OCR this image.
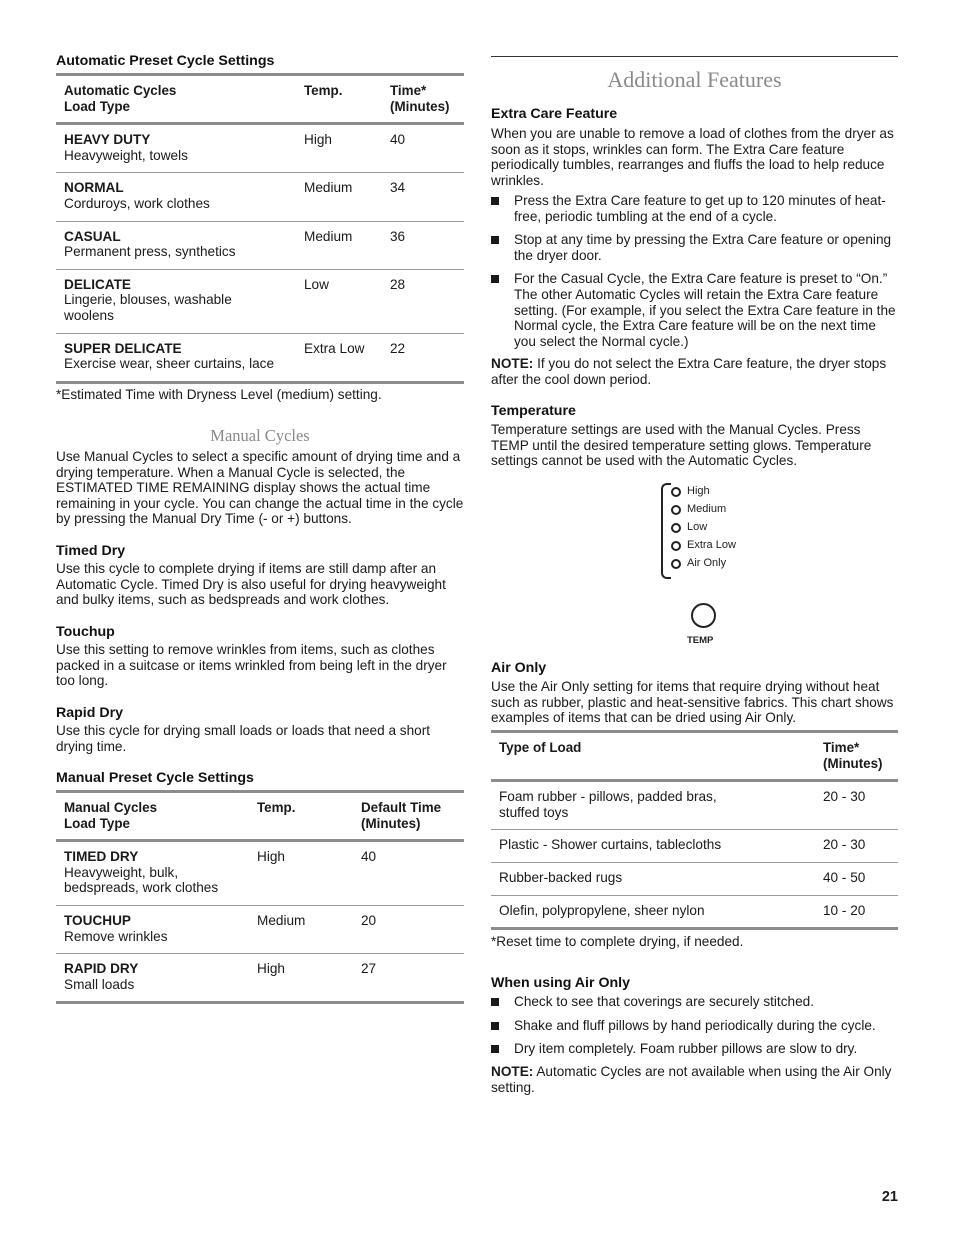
Automatic Preset Cycle Settings
Automatic Cycles
Load Type	Temp.	Time*
(Minutes)

HEAVY DUTY
Heavyweight, towels	High	40

NORMAL
Corduroys, work clothes	Medium	34

CASUAL
Permanent press, synthetics	Medium	36

DELICATE
Lingerie, blouses, washable woolens	Low	28

SUPER DELICATE
Exercise wear, sheer curtains, lace	Extra Low	22

*Estimated Time with Dryness Level (medium) setting.

Manual Cycles

Use Manual Cycles to select a specific amount of drying time and a drying temperature. When a Manual Cycle is selected, the ESTIMATED TIME REMAINING display shows the actual time remaining in your cycle. You can change the actual time in the cycle by pressing the Manual Dry Time (- or +) buttons.

Timed Dry

Use this cycle to complete drying if items are still damp after an Automatic Cycle. Timed Dry is also useful for drying heavyweight and bulky items, such as bedspreads and work clothes.

Touchup

Use this setting to remove wrinkles from items, such as clothes packed in a suitcase or items wrinkled from being left in the dryer too long.

Rapid Dry

Use this cycle for drying small loads or loads that need a short drying time.

Manual Preset Cycle Settings
Manual Cycles
Load Type	Temp.	Default Time
(Minutes)

TIMED DRY
Heavyweight, bulk, bedspreads, work clothes	High	40

TOUCHUP
Remove wrinkles	Medium	20

RAPID DRY
Small loads	High	27
Additional Features
Extra Care Feature

When you are unable to remove a load of clothes from the dryer as soon as it stops, wrinkles can form. The Extra Care feature periodically tumbles, rearranges and fluffs the load to help reduce wrinkles.

Press the Extra Care feature to get up to 120 minutes of heat-free, periodic tumbling at the end of a cycle.
Stop at any time by pressing the Extra Care feature or opening the dryer door.
For the Casual Cycle, the Extra Care feature is preset to “On.” The other Automatic Cycles will retain the Extra Care feature setting. (For example, if you select the Extra Care feature in the Normal cycle, the Extra Care feature will be on the next time you select the Normal cycle.)

NOTE: If you do not select the Extra Care feature, the dryer stops after the cool down period.

Temperature

Temperature settings are used with the Manual Cycles. Press TEMP until the desired temperature setting glows. Temperature settings cannot be used with the Automatic Cycles.

High
Medium
Low
Extra Low
Air Only
TEMP
Air Only

Use the Air Only setting for items that require drying without heat such as rubber, plastic and heat-sensitive fabrics. This chart shows examples of items that can be dried using Air Only.

Type of Load	Time*
(Minutes)
Foam rubber - pillows, padded bras, stuffed toys	20 - 30
Plastic - Shower curtains, tablecloths	20 - 30
Rubber-backed rugs	40 - 50
Olefin, polypropylene, sheer nylon	10 - 20

*Reset time to complete drying, if needed.

When using Air Only
Check to see that coverings are securely stitched.
Shake and fluff pillows by hand periodically during the cycle.
Dry item completely. Foam rubber pillows are slow to dry.

NOTE: Automatic Cycles are not available when using the Air Only setting.

21
